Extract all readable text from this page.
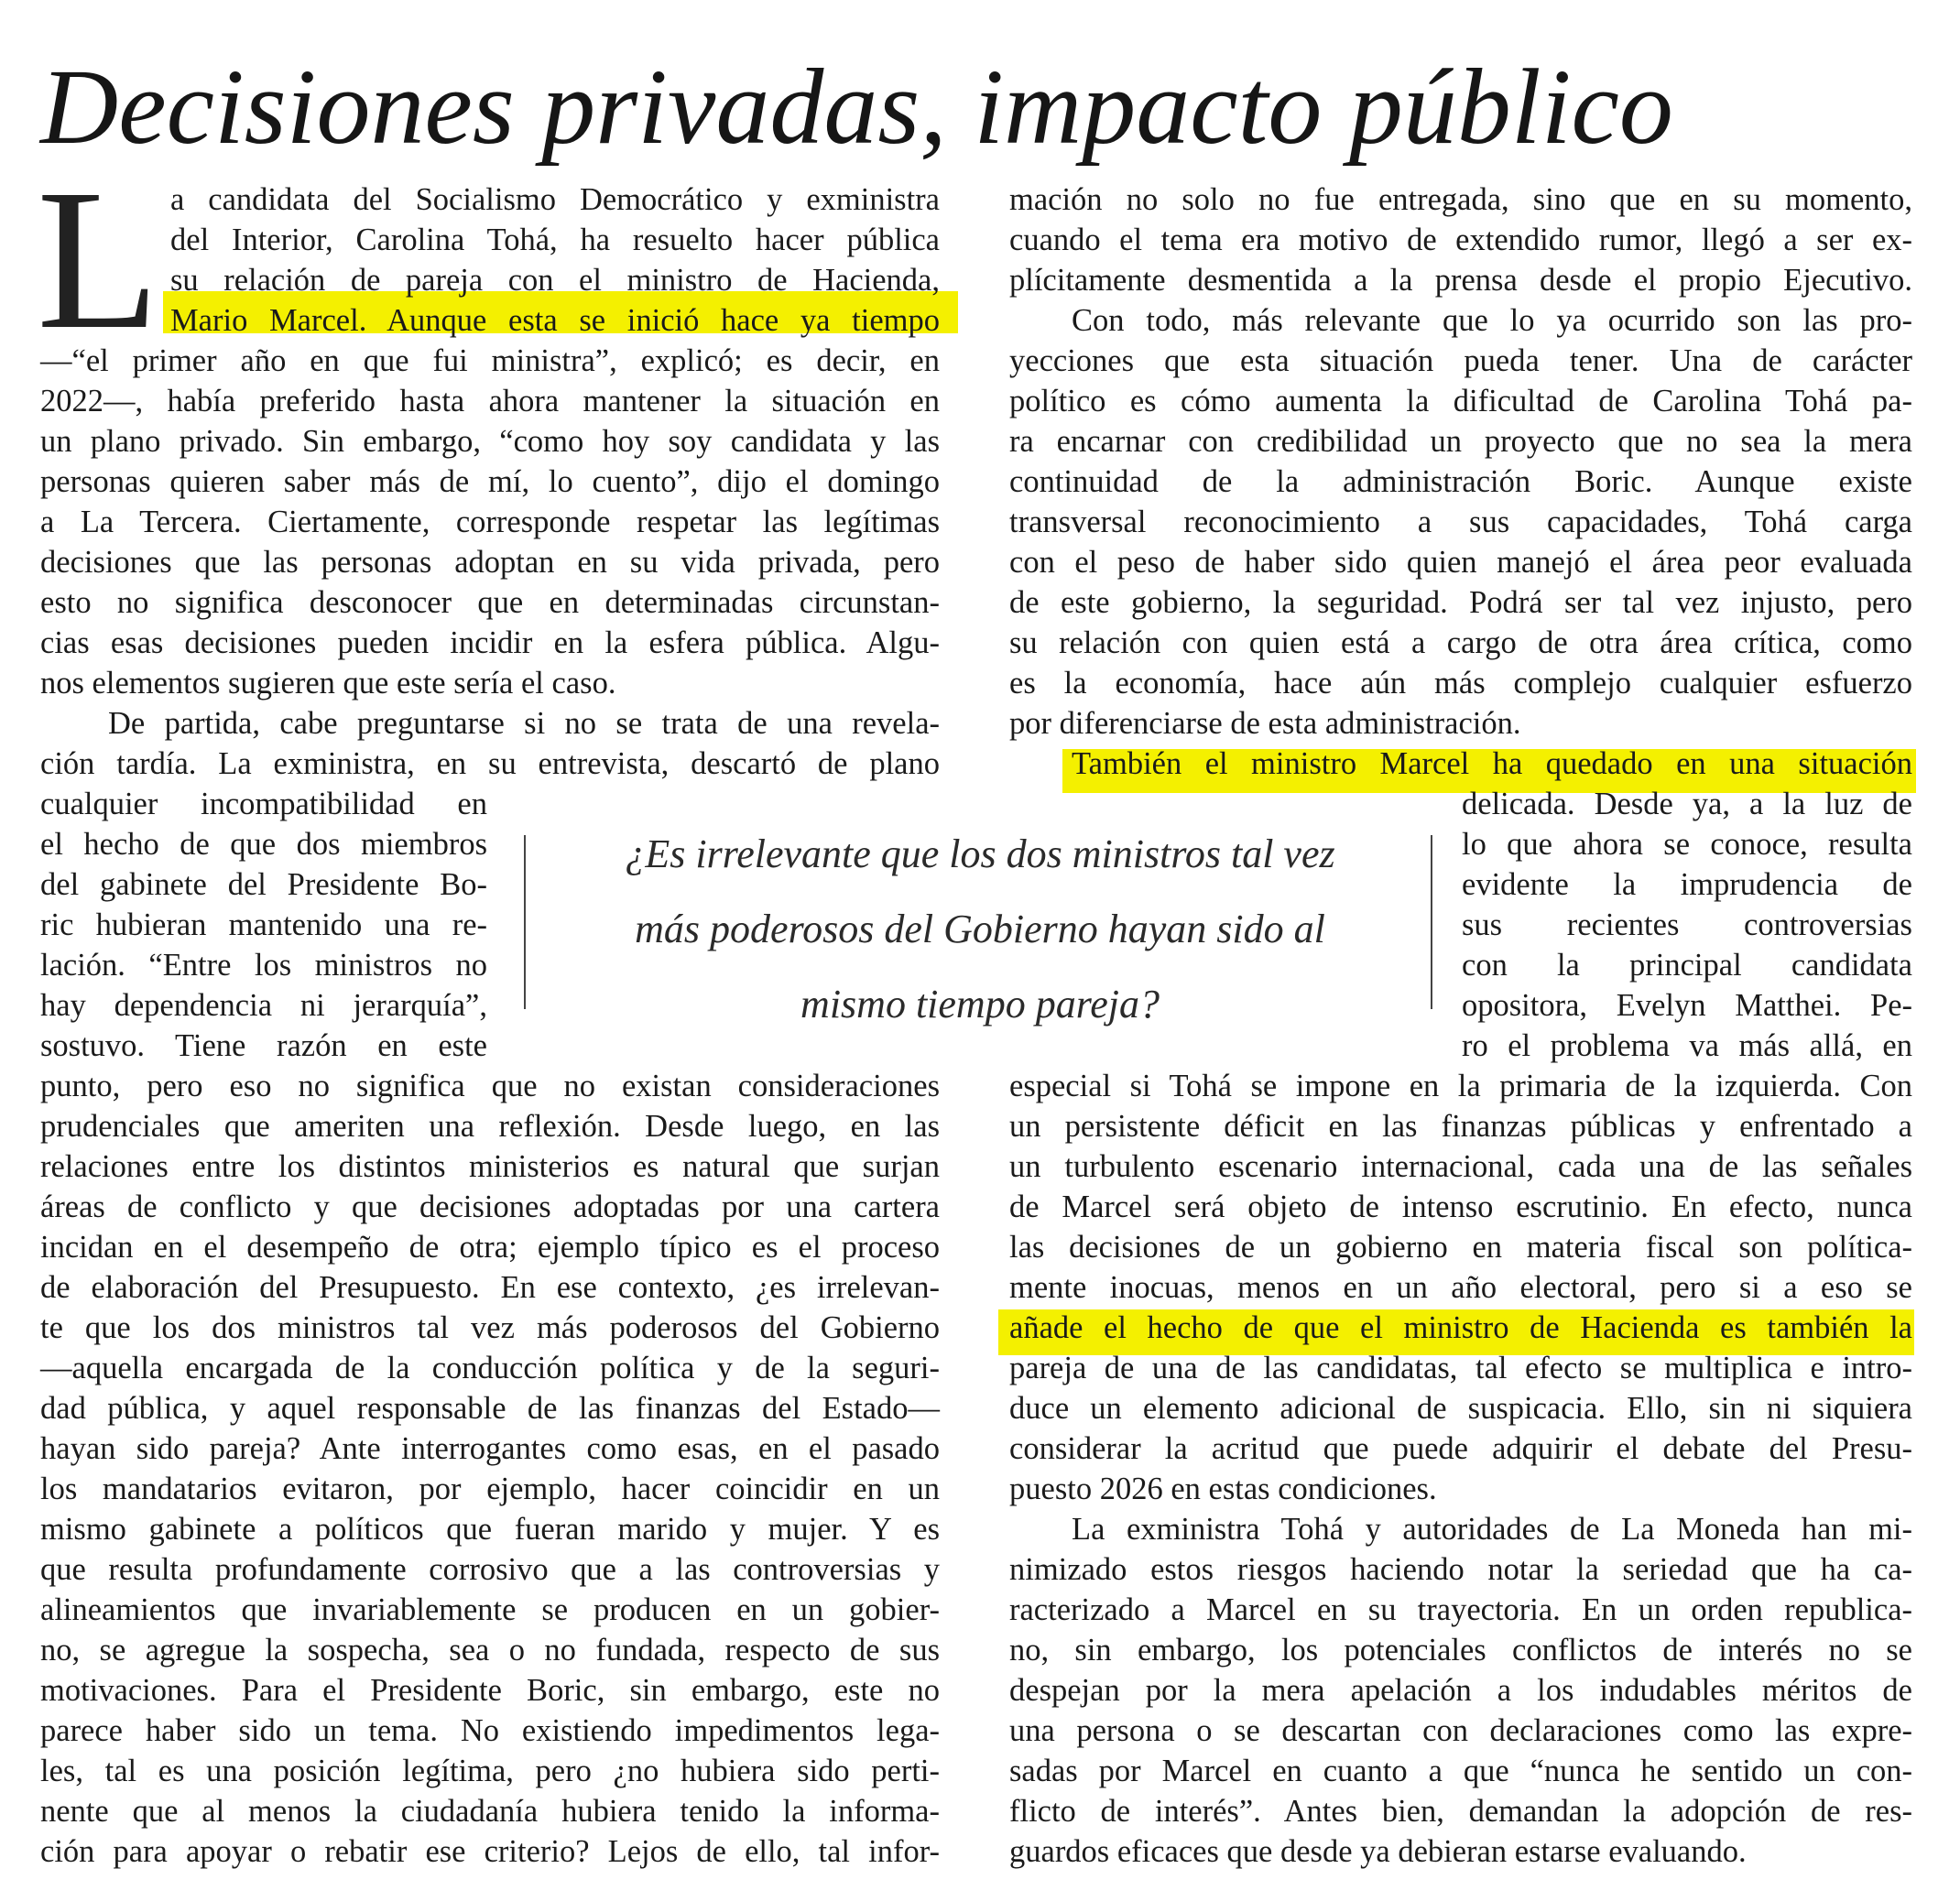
Decisiones privadas, impacto público
L a candidata del Socialismo Democrático y exministra
del Interior, Carolina Tohá, ha resuelto hacer pública
su relación de pareja con el ministro de Hacienda,
Mario Marcel. Aunque esta se inició hace ya tiempo
—“el primer año en que fui ministra”, explicó; es decir, en
2022—, había preferido hasta ahora mantener la situación en
un plano privado. Sin embargo, “como hoy soy candidata y las
personas quieren saber más de mí, lo cuento”, dijo el domingo
a La Tercera. Ciertamente, corresponde respetar las legítimas
decisiones que las personas adoptan en su vida privada, pero
esto no significa desconocer que en determinadas circunstan-
cias esas decisiones pueden incidir en la esfera pública. Algu-
nos elementos sugieren que este sería el caso.
De partida, cabe preguntarse si no se trata de una revela-
ción tardía. La exministra, en su entrevista, descartó de plano
cualquier incompatibilidad en
el hecho de que dos miembros
del gabinete del Presidente Bo-
ric hubieran mantenido una re-
lación. “Entre los ministros no
hay dependencia ni jerarquía”,
sostuvo. Tiene razón en este
punto, pero eso no significa que no existan consideraciones
prudenciales que ameriten una reflexión. Desde luego, en las
relaciones entre los distintos ministerios es natural que surjan
áreas de conflicto y que decisiones adoptadas por una cartera
incidan en el desempeño de otra; ejemplo típico es el proceso
de elaboración del Presupuesto. En ese contexto, ¿es irrelevan-
te que los dos ministros tal vez más poderosos del Gobierno
—aquella encargada de la conducción política y de la seguri-
dad pública, y aquel responsable de las finanzas del Estado—
hayan sido pareja? Ante interrogantes como esas, en el pasado
los mandatarios evitaron, por ejemplo, hacer coincidir en un
mismo gabinete a políticos que fueran marido y mujer. Y es
que resulta profundamente corrosivo que a las controversias y
alineamientos que invariablemente se producen en un gobier-
no, se agregue la sospecha, sea o no fundada, respecto de sus
motivaciones. Para el Presidente Boric, sin embargo, este no
parece haber sido un tema. No existiendo impedimentos lega-
les, tal es una posición legítima, pero ¿no hubiera sido perti-
nente que al menos la ciudadanía hubiera tenido la informa-
ción para apoyar o rebatir ese criterio? Lejos de ello, tal infor-
mación no solo no fue entregada, sino que en su momento,
cuando el tema era motivo de extendido rumor, llegó a ser ex-
plícitamente desmentida a la prensa desde el propio Ejecutivo.
Con todo, más relevante que lo ya ocurrido son las pro-
yecciones que esta situación pueda tener. Una de carácter
político es cómo aumenta la dificultad de Carolina Tohá pa-
ra encarnar con credibilidad un proyecto que no sea la mera
continuidad de la administración Boric. Aunque existe
transversal reconocimiento a sus capacidades, Tohá carga
con el peso de haber sido quien manejó el área peor evaluada
de este gobierno, la seguridad. Podrá ser tal vez injusto, pero
su relación con quien está a cargo de otra área crítica, como
es la economía, hace aún más complejo cualquier esfuerzo
por diferenciarse de esta administración.
También el ministro Marcel ha quedado en una situación
delicada. Desde ya, a la luz de
lo que ahora se conoce, resulta
evidente la imprudencia de
sus recientes controversias
con la principal candidata
opositora, Evelyn Matthei. Pe-
ro el problema va más allá, en
especial si Tohá se impone en la primaria de la izquierda. Con
un persistente déficit en las finanzas públicas y enfrentado a
un turbulento escenario internacional, cada una de las señales
de Marcel será objeto de intenso escrutinio. En efecto, nunca
las decisiones de un gobierno en materia fiscal son política-
mente inocuas, menos en un año electoral, pero si a eso se
añade el hecho de que el ministro de Hacienda es también la
pareja de una de las candidatas, tal efecto se multiplica e intro-
duce un elemento adicional de suspicacia. Ello, sin ni siquiera
considerar la acritud que puede adquirir el debate del Presu-
puesto 2026 en estas condiciones.
La exministra Tohá y autoridades de La Moneda han mi-
nimizado estos riesgos haciendo notar la seriedad que ha ca-
racterizado a Marcel en su trayectoria. En un orden republica-
no, sin embargo, los potenciales conflictos de interés no se
despejan por la mera apelación a los indudables méritos de
una persona o se descartan con declaraciones como las expre-
sadas por Marcel en cuanto a que “nunca he sentido un con-
flicto de interés”. Antes bien, demandan la adopción de res-
guardos eficaces que desde ya debieran estarse evaluando.
¿Es irrelevante que los dos ministros tal vez
más poderosos del Gobierno hayan sido al
mismo tiempo pareja?
